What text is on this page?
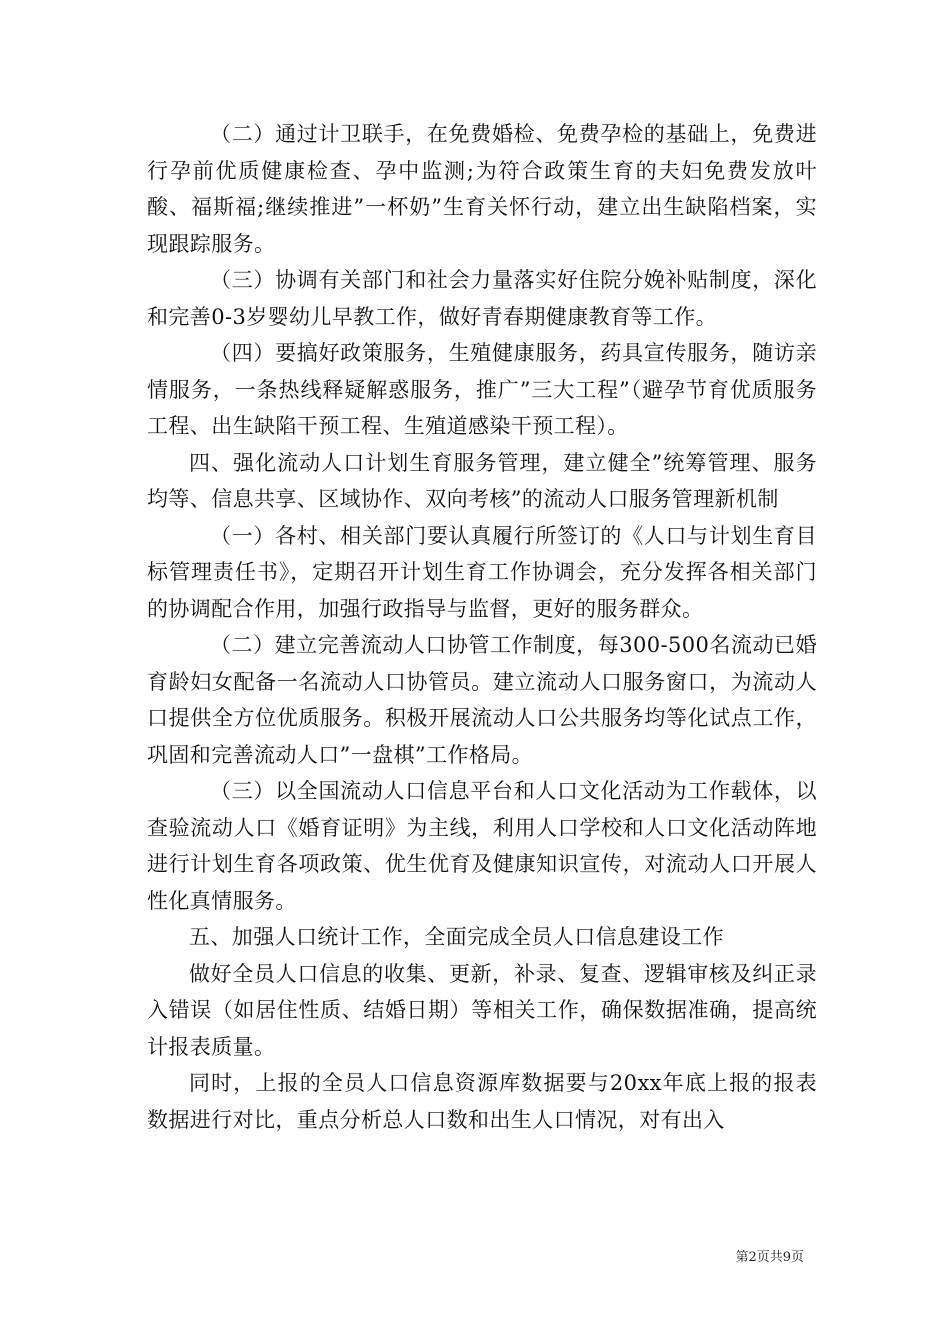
（二）通过计卫联手，在免费婚检、免费孕检的基础上，免费进行孕前优质健康检查、孕中监测;为符合政策生育的夫妇免费发放叶酸、福斯福;继续推进”一杯奶”生育关怀行动，建立出生缺陷档案，实现跟踪服务。

（三）协调有关部门和社会力量落实好住院分娩补贴制度，深化和完善0-3岁婴幼儿早教工作，做好青春期健康教育等工作。

（四）要搞好政策服务，生殖健康服务，药具宣传服务，随访亲情服务，一条热线释疑解惑服务，推广”三大工程”（避孕节育优质服务工程、出生缺陷干预工程、生殖道感染干预工程）。

四、强化流动人口计划生育服务管理，建立健全”统筹管理、服务均等、信息共享、区域协作、双向考核”的流动人口服务管理新机制

（一）各村、相关部门要认真履行所签订的《人口与计划生育目标管理责任书》，定期召开计划生育工作协调会，充分发挥各相关部门的协调配合作用，加强行政指导与监督，更好的服务群众。

（二）建立完善流动人口协管工作制度，每300-500名流动已婚育龄妇女配备一名流动人口协管员。建立流动人口服务窗口，为流动人口提供全方位优质服务。积极开展流动人口公共服务均等化试点工作，巩固和完善流动人口”一盘棋”工作格局。

（三）以全国流动人口信息平台和人口文化活动为工作载体，以查验流动人口《婚育证明》为主线，利用人口学校和人口文化活动阵地进行计划生育各项政策、优生优育及健康知识宣传，对流动人口开展人性化真情服务。

五、加强人口统计工作，全面完成全员人口信息建设工作

做好全员人口信息的收集、更新，补录、复查、逻辑审核及纠正录入错误（如居住性质、结婚日期）等相关工作，确保数据准确，提高统计报表质量。

同时，上报的全员人口信息资源库数据要与20xx年底上报的报表数据进行对比，重点分析总人口数和出生人口情况，对有出入

第2页共9页
